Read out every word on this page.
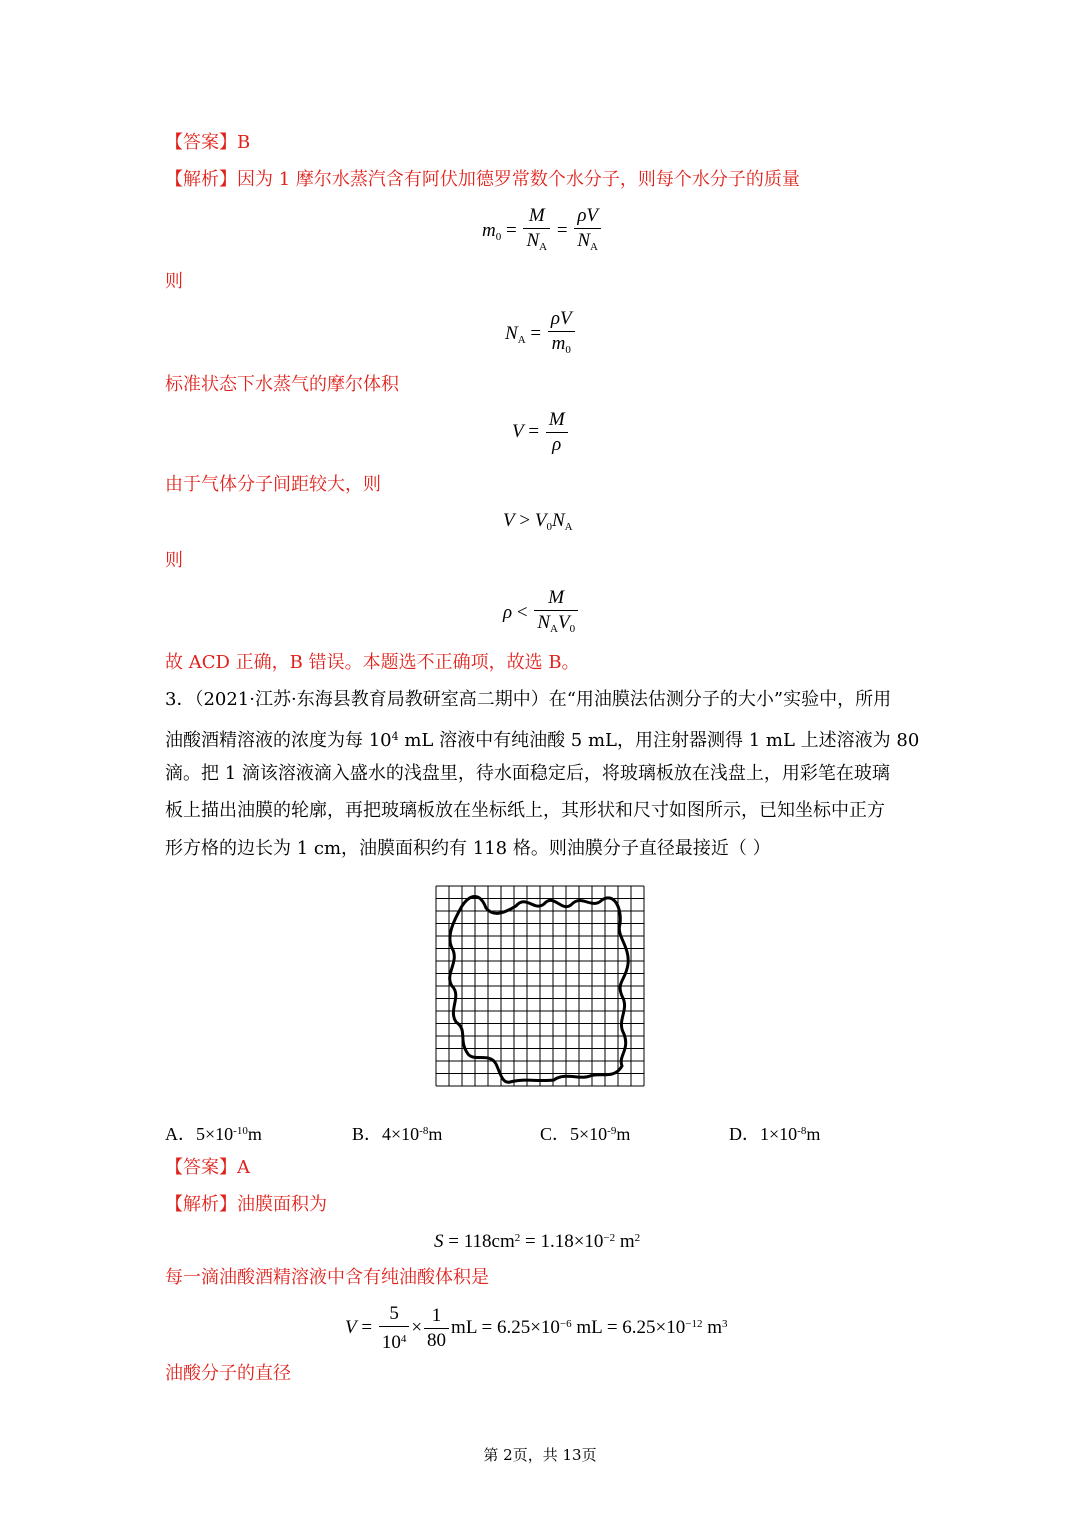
【答案】B
【解析】因为 1 摩尔水蒸汽含有阿伏加德罗常数个水分子，则每个水分子的质量
$m_0 = \frac{M}{N_A} = \frac{\rho V}{N_A}$
则
$N_A = \frac{\rho V}{m_0}$
标准状态下水蒸气的摩尔体积
$V = \frac{M}{\rho}$
由于气体分子间距较大，则
$V > V_0N_A$
则
$\rho < \frac{M}{N_AV_0}$
故 ACD 正确，B 错误。本题选不正确项，故选 B。
3．（2021·江苏·东海县教育局教研室高二期中）在“用油膜法估测分子的大小”实验中，所用
油酸酒精溶液的浓度为每 $10^4$ mL 溶液中有纯油酸 5 mL，用注射器测得 1 mL 上述溶液为 80
滴。把 1 滴该溶液滴入盛水的浅盘里，待水面稳定后，将玻璃板放在浅盘上，用彩笔在玻璃
板上描出油膜的轮廓，再把玻璃板放在坐标纸上，其形状和尺寸如图所示，已知坐标中正方
形方格的边长为 1 cm，油膜面积约有 118 格。则油膜分子直径最接近（ ）
A．$5\times 10^{-10}m$	B．$4\times 10^{-8}m$	C．$5\times 10^{-9}m$	D．$1\times 10^{-8}m$
【答案】A
【解析】油膜面积为
$S = 118cm^2 = 1.18\times 10^{-2}$ $m^2$
每一滴油酸酒精溶液中含有纯油酸体积是
$V = \frac{5}{10^4} \times \frac{1}{80}$ mL = $6.25\times 10^{-6}$ mL = $6.25\times 10^{-12}$ $m^3$
油酸分子的直径
第 2页，共 13页
